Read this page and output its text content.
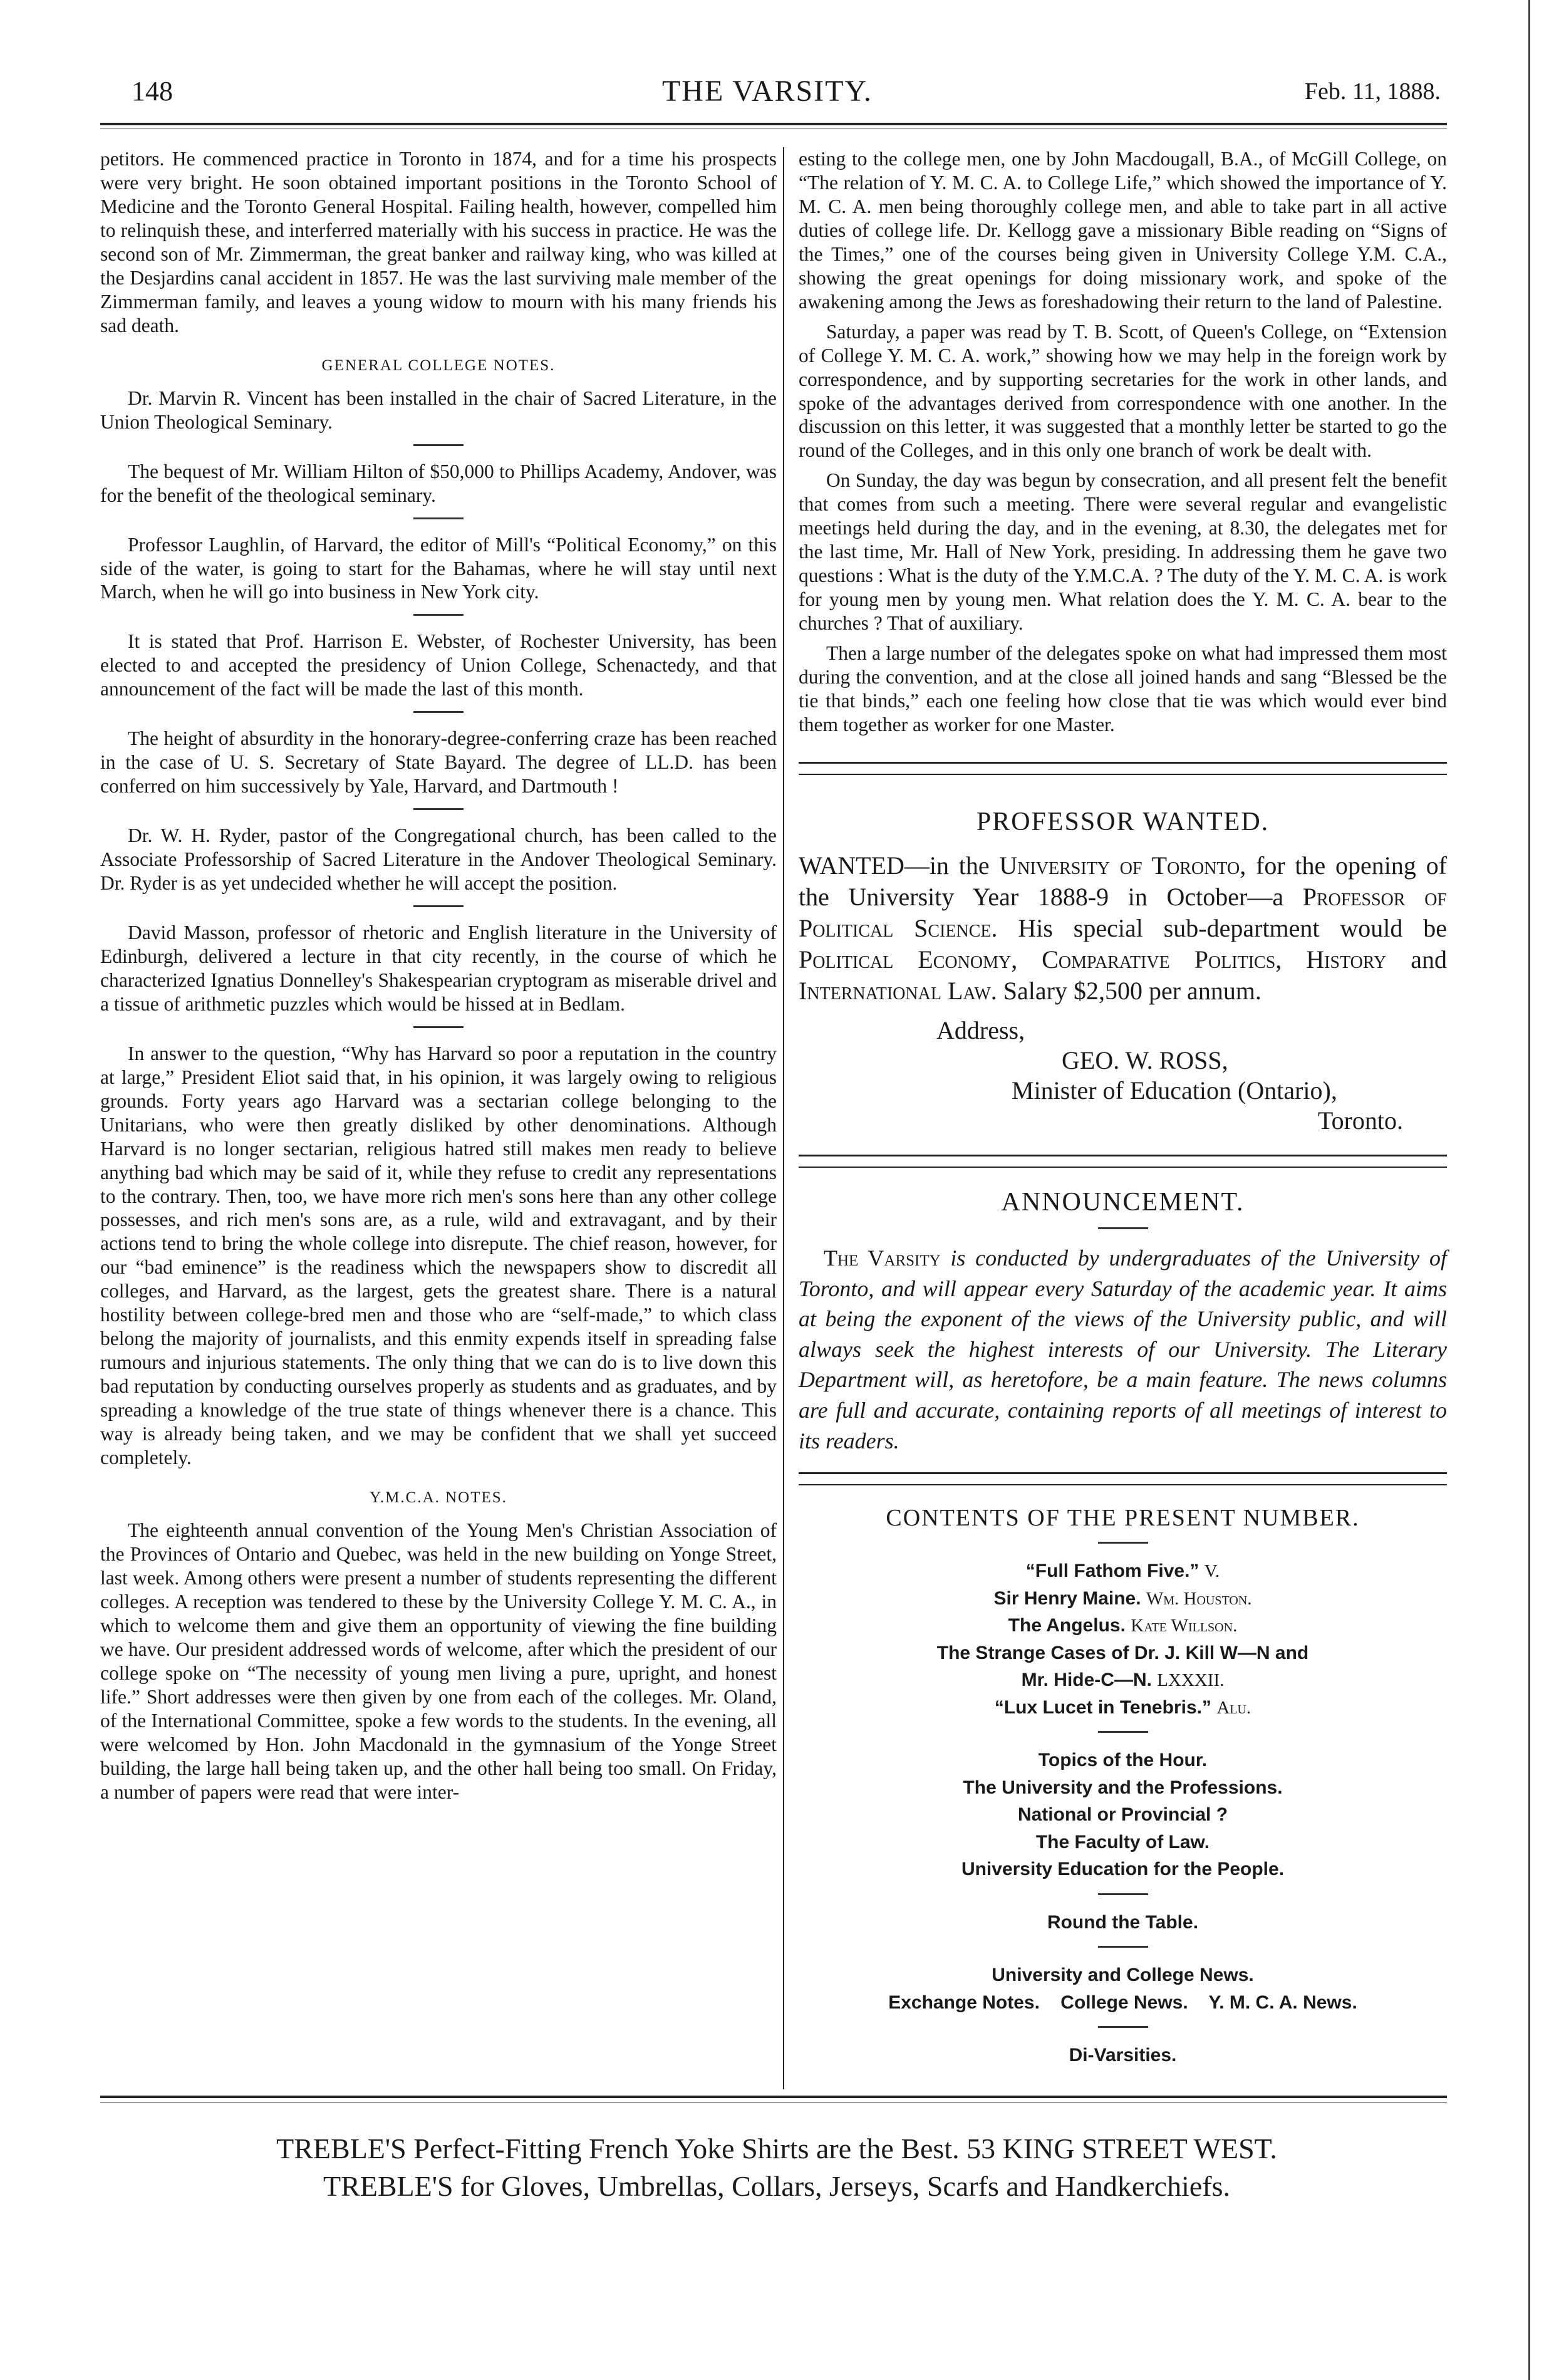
148	THE VARSITY.	Feb. 11, 1888.

petitors. He commenced practice in Toronto in 1874, and for a time his prospects were very bright. He soon obtained important positions in the Toronto School of Medicine and the Toronto General Hospital. Failing health, however, compelled him to relinquish these, and interferred materially with his success in practice. He was the second son of Mr. Zimmerman, the great banker and railway king, who was killed at the Desjardins canal accident in 1857. He was the last surviving male member of the Zimmerman family, and leaves a young widow to mourn with his many friends his sad death.

GENERAL COLLEGE NOTES.

Dr. Marvin R. Vincent has been installed in the chair of Sacred Literature, in the Union Theological Seminary.

The bequest of Mr. William Hilton of $50,000 to Phillips Academy, Andover, was for the benefit of the theological seminary.

Professor Laughlin, of Harvard, the editor of Mill's “Political Economy,” on this side of the water, is going to start for the Bahamas, where he will stay until next March, when he will go into business in New York city.

It is stated that Prof. Harrison E. Webster, of Rochester University, has been elected to and accepted the presidency of Union College, Schenactedy, and that announcement of the fact will be made the last of this month.

The height of absurdity in the honorary-degree-conferring craze has been reached in the case of U. S. Secretary of State Bayard. The degree of LL.D. has been conferred on him successively by Yale, Harvard, and Dartmouth !

Dr. W. H. Ryder, pastor of the Congregational church, has been called to the Associate Professorship of Sacred Literature in the Andover Theological Seminary. Dr. Ryder is as yet undecided whether he will accept the position.

David Masson, professor of rhetoric and English literature in the University of Edinburgh, delivered a lecture in that city recently, in the course of which he characterized Ignatius Donnelley's Shakespearian cryptogram as miserable drivel and a tissue of arithmetic puzzles which would be hissed at in Bedlam.

In answer to the question, “Why has Harvard so poor a reputation in the country at large,” President Eliot said that, in his opinion, it was largely owing to religious grounds. Forty years ago Harvard was a sectarian college belonging to the Unitarians, who were then greatly disliked by other denominations. Although Harvard is no longer sectarian, religious hatred still makes men ready to believe anything bad which may be said of it, while they refuse to credit any representations to the contrary. Then, too, we have more rich men's sons here than any other college possesses, and rich men's sons are, as a rule, wild and extravagant, and by their actions tend to bring the whole college into disrepute. The chief reason, however, for our “bad eminence” is the readiness which the newspapers show to discredit all colleges, and Harvard, as the largest, gets the greatest share. There is a natural hostility between college-bred men and those who are “self-made,” to which class belong the majority of journalists, and this enmity expends itself in spreading false rumours and injurious statements. The only thing that we can do is to live down this bad reputation by conducting ourselves properly as students and as graduates, and by spreading a knowledge of the true state of things whenever there is a chance. This way is already being taken, and we may be confident that we shall yet succeed completely.

Y.M.C.A. NOTES.

The eighteenth annual convention of the Young Men's Christian Association of the Provinces of Ontario and Quebec, was held in the new building on Yonge Street, last week. Among others were present a number of students representing the different colleges. A reception was tendered to these by the University College Y. M. C. A., in which to welcome them and give them an opportunity of viewing the fine building we have. Our president addressed words of welcome, after which the president of our college spoke on “The necessity of young men living a pure, upright, and honest life.” Short addresses were then given by one from each of the colleges. Mr. Oland, of the International Committee, spoke a few words to the students. In the evening, all were welcomed by Hon. John Macdonald in the gymnasium of the Yonge Street building, the large hall being taken up, and the other hall being too small. On Friday, a number of papers were read that were inter-

esting to the college men, one by John Macdougall, B.A., of McGill College, on “The relation of Y. M. C. A. to College Life,” which showed the importance of Y. M. C. A. men being thoroughly college men, and able to take part in all active duties of college life. Dr. Kellogg gave a missionary Bible reading on “Signs of the Times,” one of the courses being given in University College Y.M. C.A., showing the great openings for doing missionary work, and spoke of the awakening among the Jews as foreshadowing their return to the land of Palestine.

Saturday, a paper was read by T. B. Scott, of Queen's College, on “Extension of College Y. M. C. A. work,” showing how we may help in the foreign work by correspondence, and by supporting secretaries for the work in other lands, and spoke of the advantages derived from correspondence with one another. In the discussion on this letter, it was suggested that a monthly letter be started to go the round of the Colleges, and in this only one branch of work be dealt with.

On Sunday, the day was begun by consecration, and all present felt the benefit that comes from such a meeting. There were several regular and evangelistic meetings held during the day, and in the evening, at 8.30, the delegates met for the last time, Mr. Hall of New York, presiding. In addressing them he gave two questions : What is the duty of the Y.M.C.A. ? The duty of the Y. M. C. A. is work for young men by young men. What relation does the Y. M. C. A. bear to the churches ? That of auxiliary.

Then a large number of the delegates spoke on what had impressed them most during the convention, and at the close all joined hands and sang “Blessed be the tie that binds,” each one feeling how close that tie was which would ever bind them together as worker for one Master.

PROFESSOR WANTED.
WANTED—in the University of Toronto, for the opening of the University Year 1888-9 in October—a Professor of Political Science. His special sub-department would be Political Economy, Comparative Politics, History and International Law. Salary $2,500 per annum.
Address,
GEO. W. ROSS,
Minister of Education (Ontario),
Toronto.
ANNOUNCEMENT.
The Varsity is conducted by undergraduates of the University of Toronto, and will appear every Saturday of the academic year. It aims at being the exponent of the views of the University public, and will always seek the highest interests of our University. The Literary Department will, as heretofore, be a main feature. The news columns are full and accurate, containing reports of all meetings of interest to its readers.
CONTENTS OF THE PRESENT NUMBER.
“Full Fathom Five.” V.
Sir Henry Maine. Wm. Houston.
The Angelus. Kate Willson.
The Strange Cases of Dr. J. Kill W—N and
Mr. Hide-C—N. LXXXII.
“Lux Lucet in Tenebris.” Alu.
Topics of the Hour.
The University and the Professions.
National or Provincial ?
The Faculty of Law.
University Education for the People.
Round the Table.
University and College News.
Exchange Notes. College News. Y. M. C. A. News.
Di-Varsities.
TREBLE'S Perfect-Fitting French Yoke Shirts are the Best. 53 KING STREET WEST.
TREBLE'S for Gloves, Umbrellas, Collars, Jerseys, Scarfs and Handkerchiefs.
